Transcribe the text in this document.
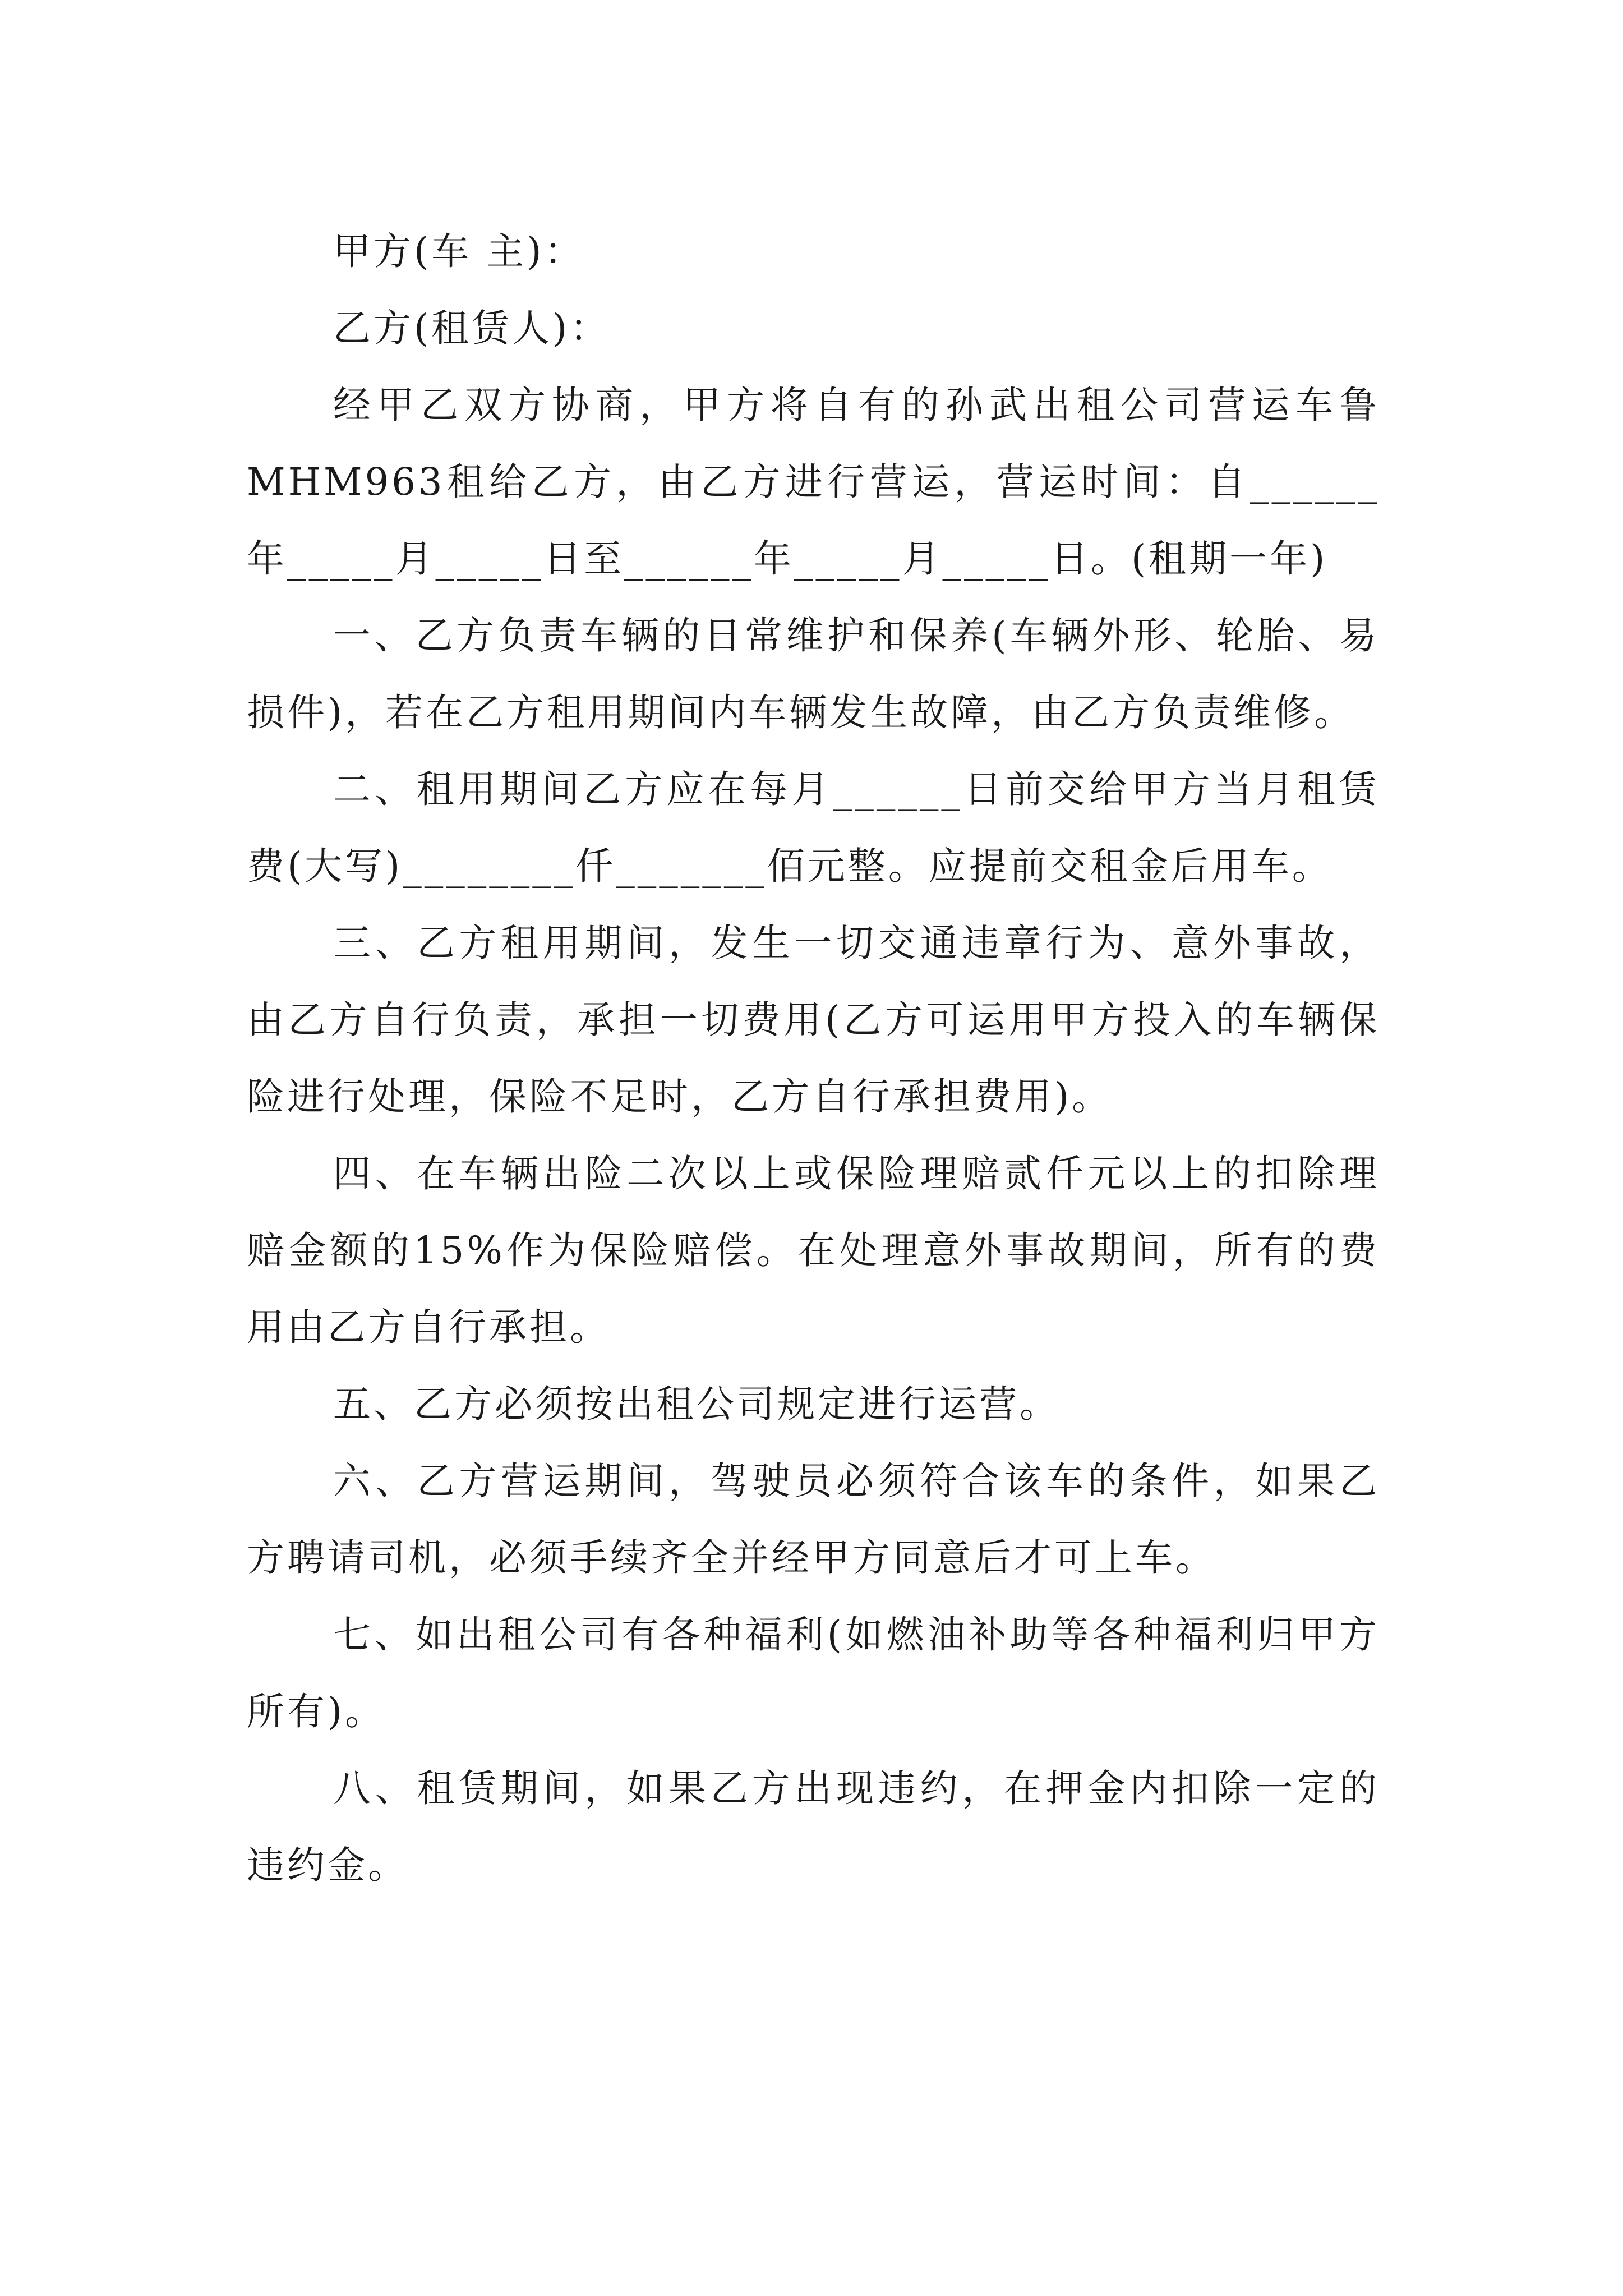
甲方(车 主)：

乙方(租赁人)：

经甲乙双方协商，甲方将自有的孙武出租公司营运车鲁MHM963租给乙方，由乙方进行营运，营运时间：自______年_____月_____日至______年_____月_____日。(租期一年)

一、乙方负责车辆的日常维护和保养(车辆外形、轮胎、易损件)，若在乙方租用期间内车辆发生故障，由乙方负责维修。

二、租用期间乙方应在每月______日前交给甲方当月租赁费(大写)________仟_______佰元整。应提前交租金后用车。

三、乙方租用期间，发生一切交通违章行为、意外事故，由乙方自行负责，承担一切费用(乙方可运用甲方投入的车辆保险进行处理，保险不足时，乙方自行承担费用)。

四、在车辆出险二次以上或保险理赔贰仟元以上的扣除理赔金额的15%作为保险赔偿。在处理意外事故期间，所有的费用由乙方自行承担。

五、乙方必须按出租公司规定进行运营。

六、乙方营运期间，驾驶员必须符合该车的条件，如果乙方聘请司机，必须手续齐全并经甲方同意后才可上车。

七、如出租公司有各种福利(如燃油补助等各种福利归甲方所有)。

八、租赁期间，如果乙方出现违约，在押金内扣除一定的违约金。
